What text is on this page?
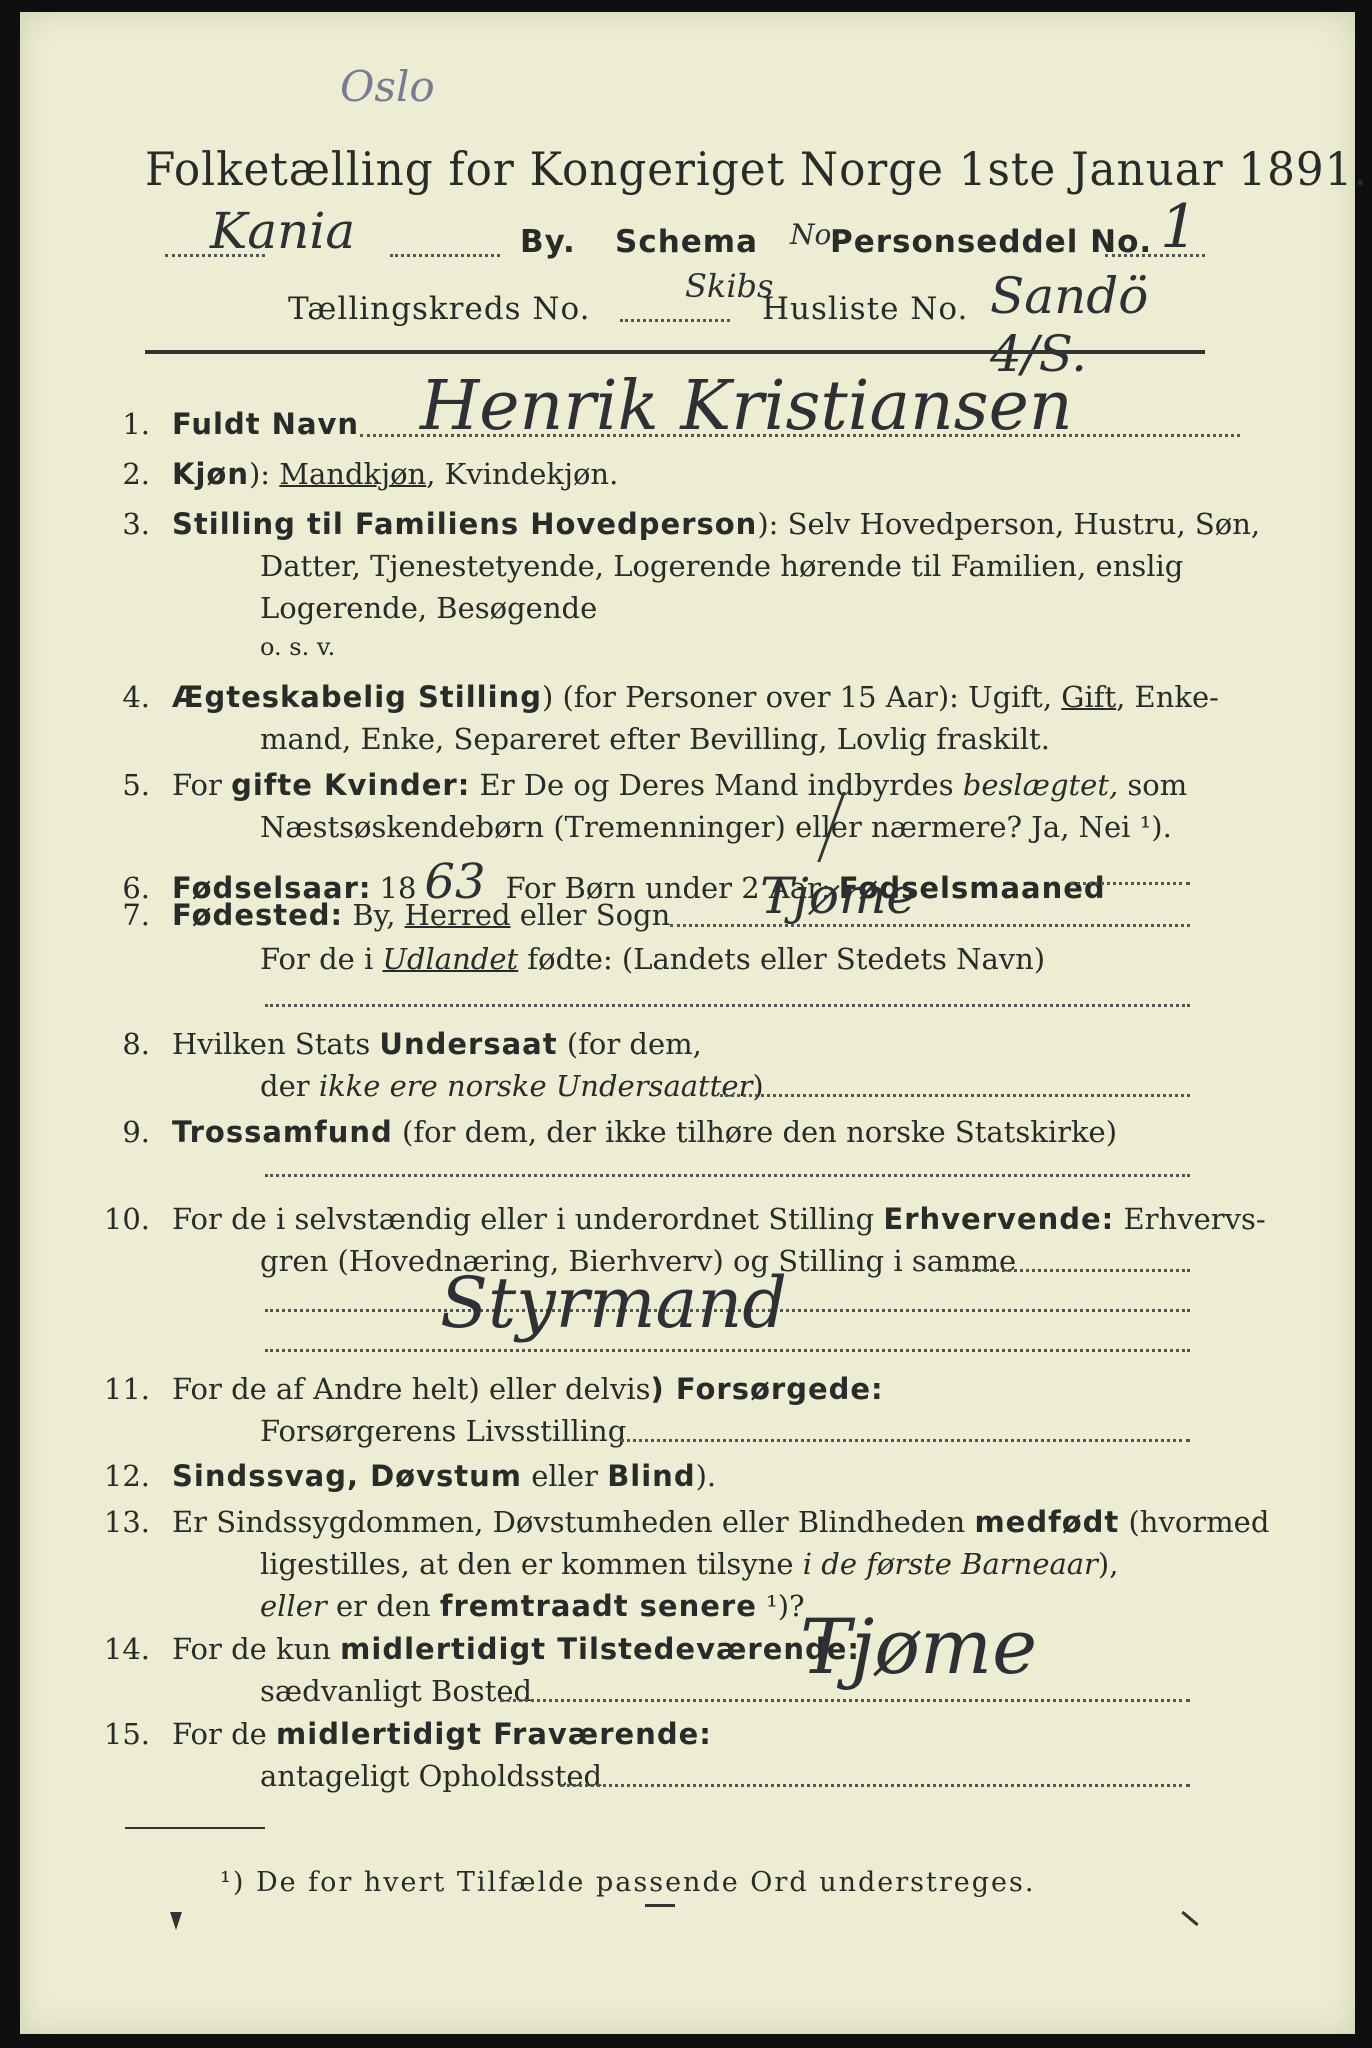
Oslo
Folketælling for Kongeriget Norge 1ste Januar 1891.
Kania	By. Schema No
Personseddel No. 1
Tællingskreds No.
Skibs
Husliste No. Sandö 4/S.
1. Fuldt Navn Henrik Kristiansen
2. Kjøn): Mandkjøn, Kvindekjøn.
3. Stilling til Familiens Hovedperson): Selv Hovedperson, Hustru, Søn,
Datter, Tjenestetyende, Logerende hørende til Familien, enslig
Logerende, Besøgende
o. s. v.
4. Ægteskabelig Stilling) (for Personer over 15 Aar): Ugift, Gift, Enke-
mand, Enke, Separeret efter Bevilling, Lovlig fraskilt.
5. For gifte Kvinder: Er De og Deres Mand indbyrdes beslægtet, som
Næstsøskendebørn (Tremenninger) eller nærmere? Ja, Nei ¹).
6. Fødselsaar: 18 63 For Børn under 2 Aar: Fødselsmaaned
7. Fødested: By, Herred eller Sogn Tjøme
For de i Udlandet fødte: (Landets eller Stedets Navn)
8. Hvilken Stats Undersaat (for dem,
der ikke ere norske Undersaatter)
9. Trossamfund (for dem, der ikke tilhøre den norske Statskirke)
10. For de i selvstændig eller i underordnet Stilling Erhvervende: Erhvervs-
gren (Hovednæring, Bierhverv) og Stilling i samme
Styrmand
11. For de af Andre helt) eller delvis) Forsørgede:
Forsørgerens Livsstilling
12. Sindssvag, Døvstum eller Blind).
13. Er Sindssygdommen, Døvstumheden eller Blindheden medfødt (hvormed
ligestilles, at den er kommen tilsyne i de første Barneaar),
eller er den fremtraadt senere ¹)?
14. For de kun midlertidigt Tilstedeværende:
sædvanligt Bosted	Tjøme
15. For de midlertidigt Fraværende:
antageligt Opholdssted
¹) De for hvert Tilfælde passende Ord understreges.
